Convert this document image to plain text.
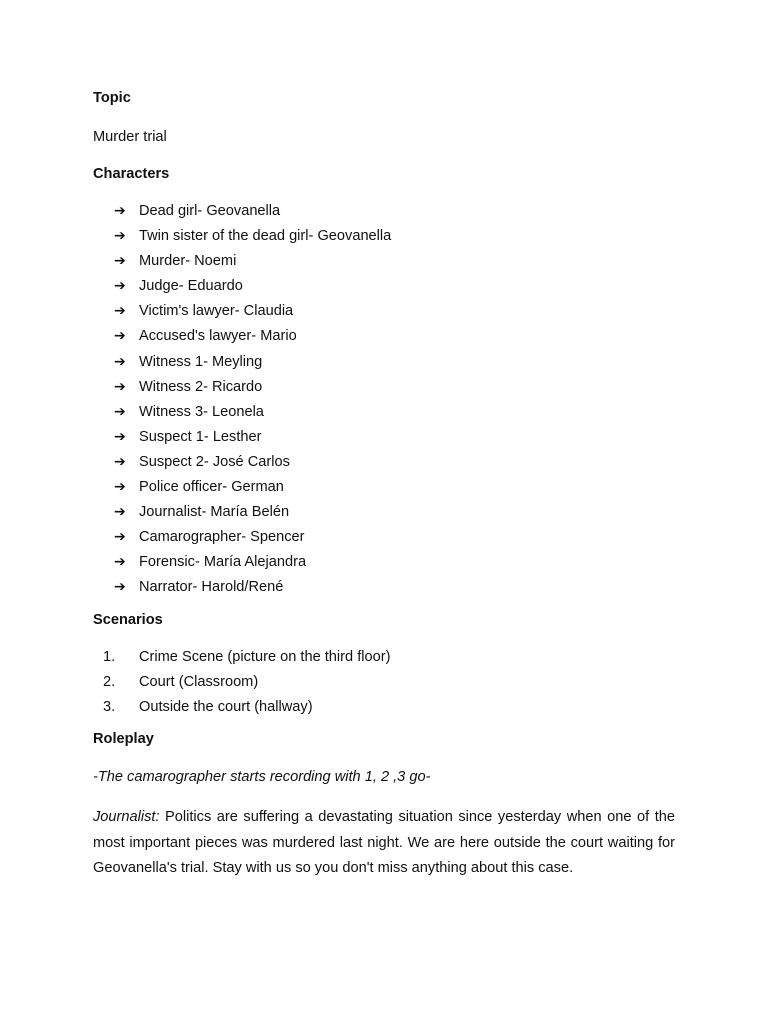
Topic

Murder trial

Characters

➔ Dead girl- Geovanella
➔ Twin sister of the dead girl- Geovanella
➔ Murder- Noemi
➔ Judge- Eduardo
➔ Victim's lawyer- Claudia
➔ Accused's lawyer- Mario
➔ Witness 1- Meyling
➔ Witness 2- Ricardo
➔ Witness 3- Leonela
➔ Suspect 1- Lesther
➔ Suspect 2- José Carlos
➔ Police officer- German
➔ Journalist- María Belén
➔ Camarographer- Spencer
➔ Forensic- María Alejandra
➔ Narrator- Harold/René

Scenarios

1. Crime Scene (picture on the third floor)
2. Court (Classroom)
3. Outside the court (hallway)

Roleplay

-The camarographer starts recording with 1, 2 ,3 go-

Journalist: Politics are suffering a devastating situation since yesterday when one of the most important pieces was murdered last night. We are here outside the court waiting for Geovanella's trial. Stay with us so you don't miss anything about this case.
